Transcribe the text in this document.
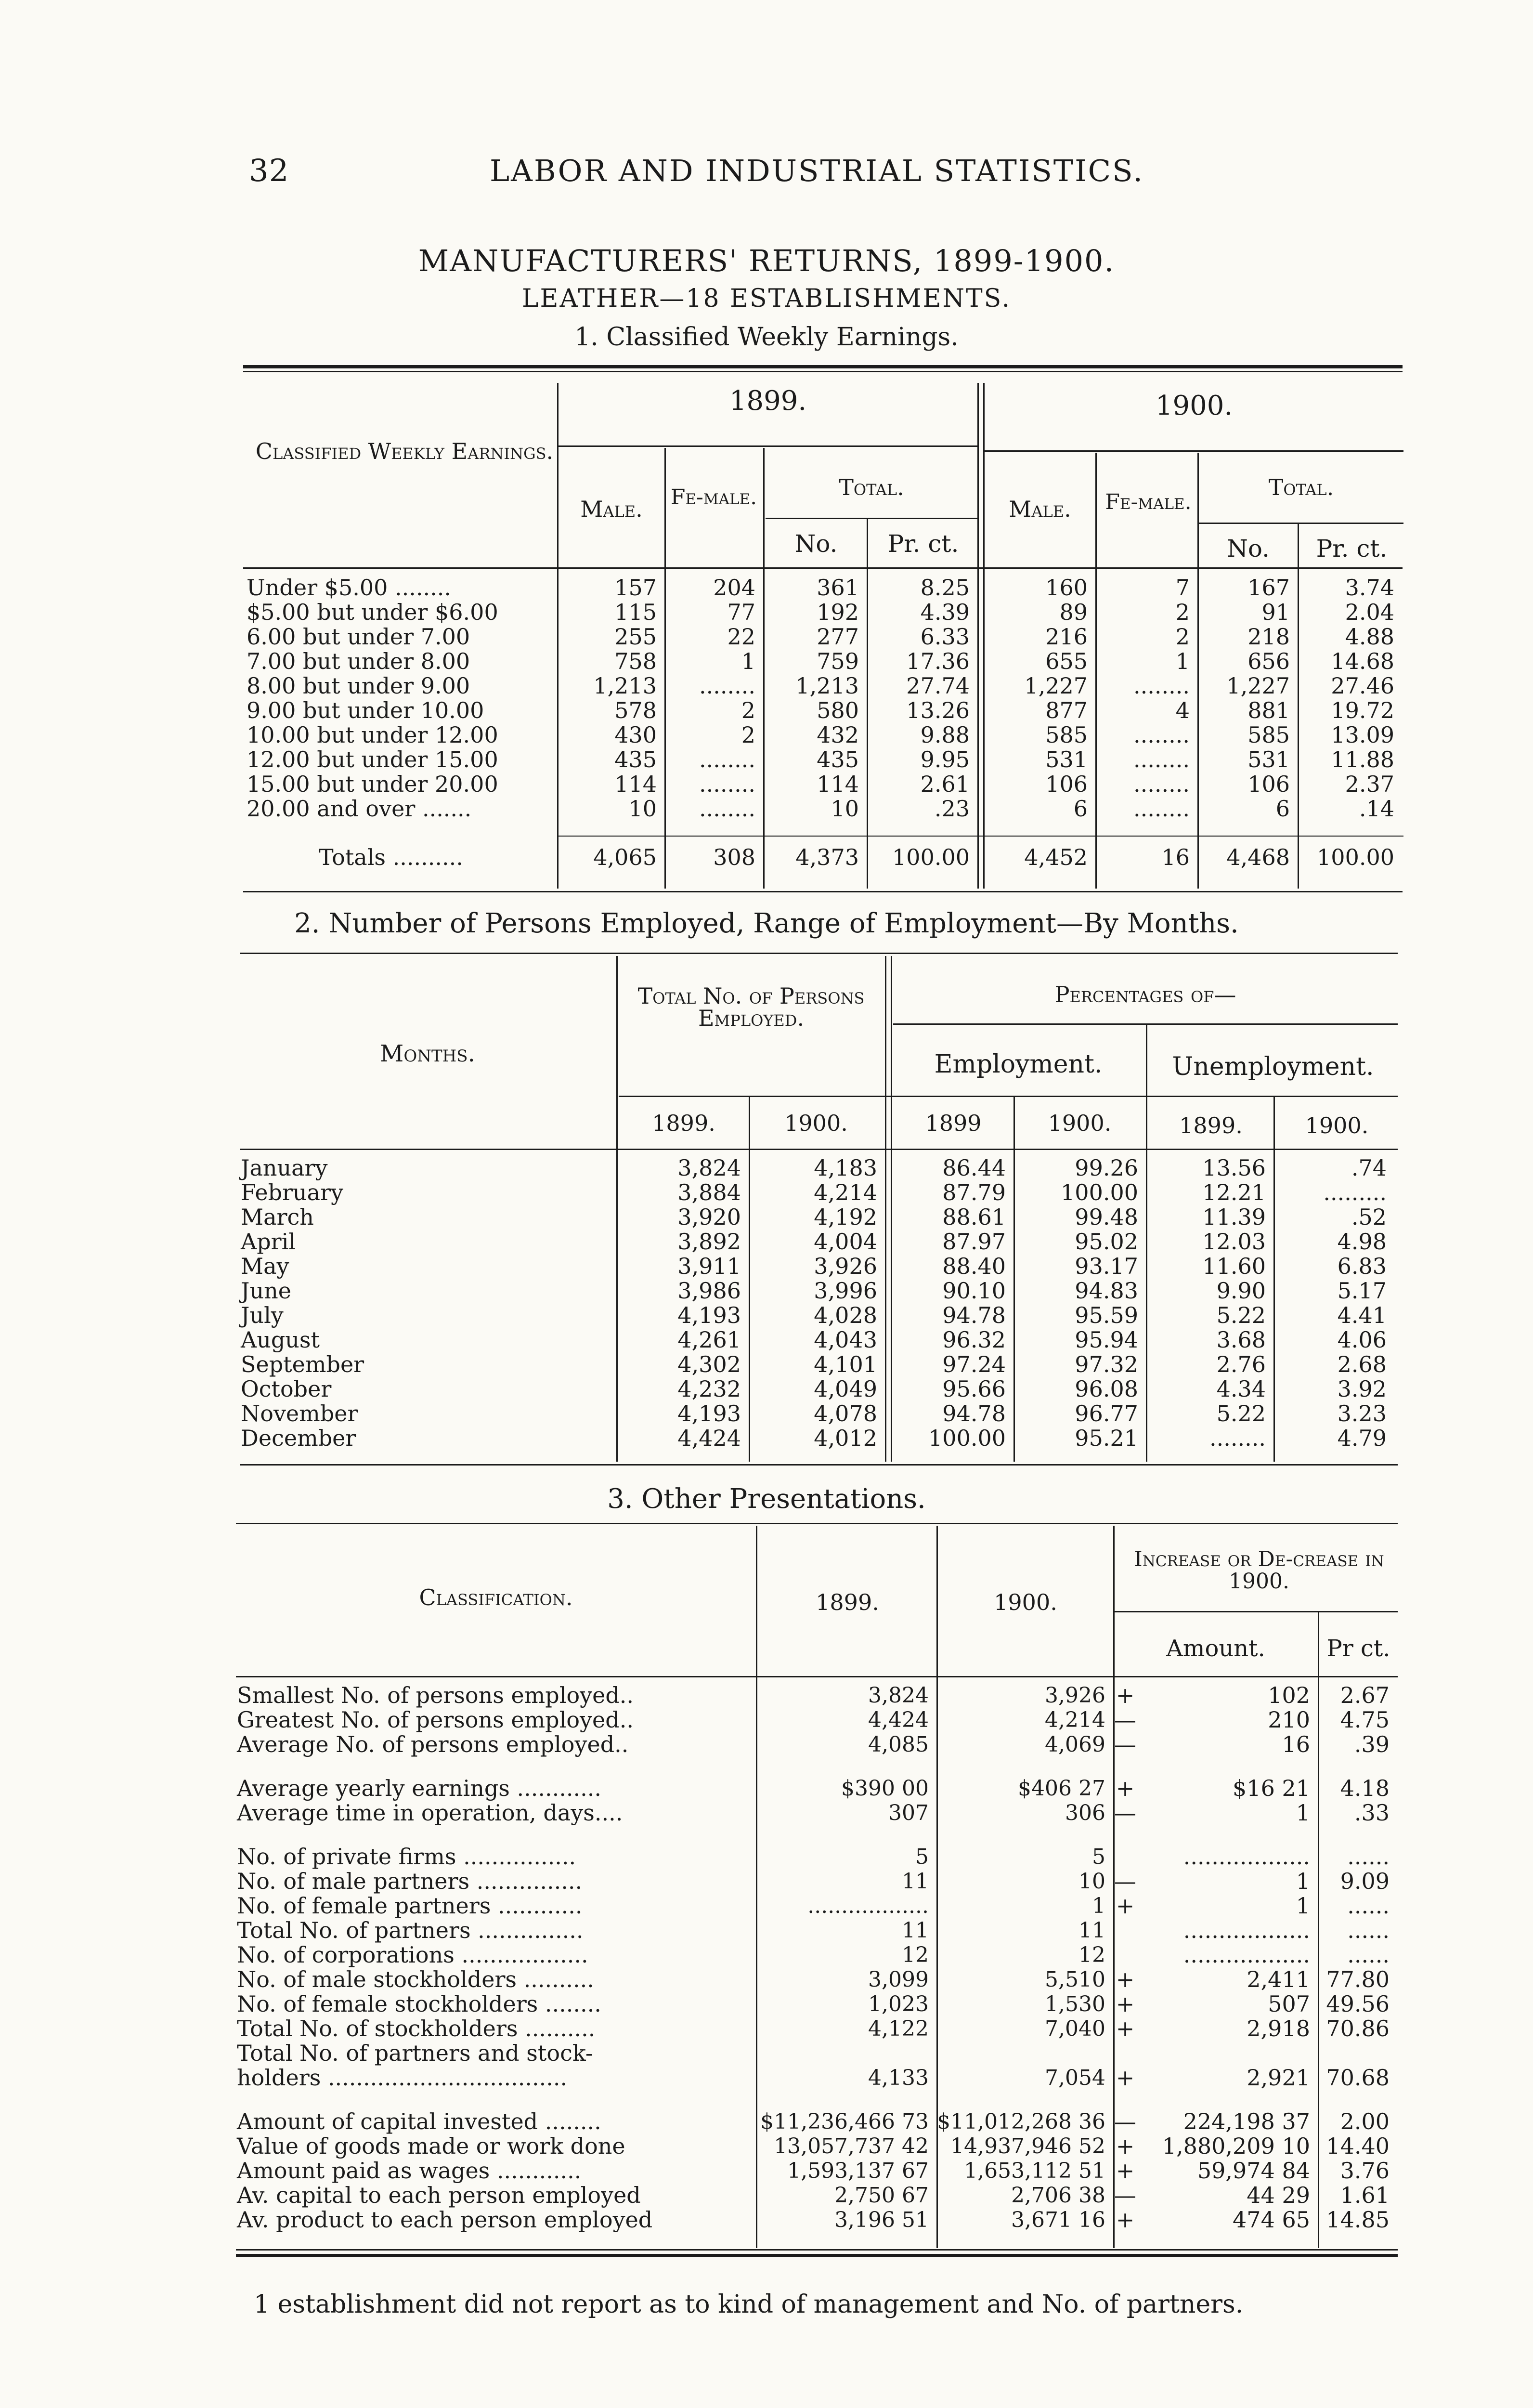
32	LABOR AND INDUSTRIAL STATISTICS.
MANUFACTURERS' RETURNS, 1899-1900.
LEATHER—18 ESTABLISHMENTS.
1. Classified Weekly Earnings.
Classified Weekly Earnings.
1899.	1900.
Male.	Fe-male.	Total.
No.	Pr. ct.
Male.	Fe-male.
Total.
No.	Pr. ct.
Under $5.00 ........	157	204	361	8.25		160	7	167	3.74
$5.00 but under $6.00	115	77	192	4.39		89	2	91	2.04
6.00 but under 7.00	255	22	277	6.33		216	2	218	4.88
7.00 but under 8.00	758	1	759	17.36		655	1	656	14.68
8.00 but under 9.00	1,213	........	1,213	27.74		1,227	........	1,227	27.46
9.00 but under 10.00	578	2	580	13.26		877	4	881	19.72
10.00 but under 12.00	430	2	432	9.88		585	........	585	13.09
12.00 but under 15.00	435	........	435	9.95		531	........	531	11.88
15.00 but under 20.00	114	........	114	2.61		106	........	106	2.37
20.00 and over .......	10	........	10	.23		6	........	6	.14
Totals ..........	4,065	308	4,373	100.00		4,452	16	4,468	100.00
2. Number of Persons Employed, Range of Employment—By Months.
Months.
Total No. of Persons Employed.
Percentages of—
Employment.	Unemployment.
1899.	1900.	1899	1900.	1899.	1900.
January	3,824	4,183		86.44	99.26	13.56	.74
February	3,884	4,214		87.79	100.00	12.21	.........
March	3,920	4,192		88.61	99.48	11.39	.52
April	3,892	4,004		87.97	95.02	12.03	4.98
May	3,911	3,926		88.40	93.17	11.60	6.83
June	3,986	3,996		90.10	94.83	9.90	5.17
July	4,193	4,028		94.78	95.59	5.22	4.41
August	4,261	4,043		96.32	95.94	3.68	4.06
September	4,302	4,101		97.24	97.32	2.76	2.68
October	4,232	4,049		95.66	96.08	4.34	3.92
November	4,193	4,078		94.78	96.77	5.22	3.23
December	4,424	4,012		100.00	95.21	........	4.79
3. Other Presentations.
Classification.	1899.	1900.
Increase or De-crease in 1900.
Amount.	Pr ct.
Smallest No. of persons employed..	3,824	3,926	+	102	2.67
Greatest No. of persons employed..	4,424	4,214	—	210	4.75
Average No. of persons employed..	4,085	4,069	—	16	.39

Average yearly earnings ............	$390 00	$406 27	+	$16 21	4.18
Average time in operation, days....	307	306	—	1	.33

No. of private firms ................	5	5		..................	......
No. of male partners ...............	11	10	—	1	9.09
No. of female partners ............	..................	1	+	1	......
Total No. of partners ...............	11	11		..................	......
No. of corporations ..................	12	12		..................	......
No. of male stockholders ..........	3,099	5,510	+	2,411	77.80
No. of female stockholders ........	1,023	1,530	+	507	49.56
Total No. of stockholders ..........	4,122	7,040	+	2,918	70.86
Total No. of partners and stock-					
holders ..................................	4,133	7,054	+	2,921	70.68

Amount of capital invested ........	$11,236,466 73	$11,012,268 36	—	224,198 37	2.00
Value of goods made or work done	13,057,737 42	14,937,946 52	+	1,880,209 10	14.40
Amount paid as wages ............	1,593,137 67	1,653,112 51	+	59,974 84	3.76
Av. capital to each person employed	2,750 67	2,706 38	—	44 29	1.61
Av. product to each person employed	3,196 51	3,671 16	+	474 65	14.85
1 establishment did not report as to kind of management and No. of partners.
